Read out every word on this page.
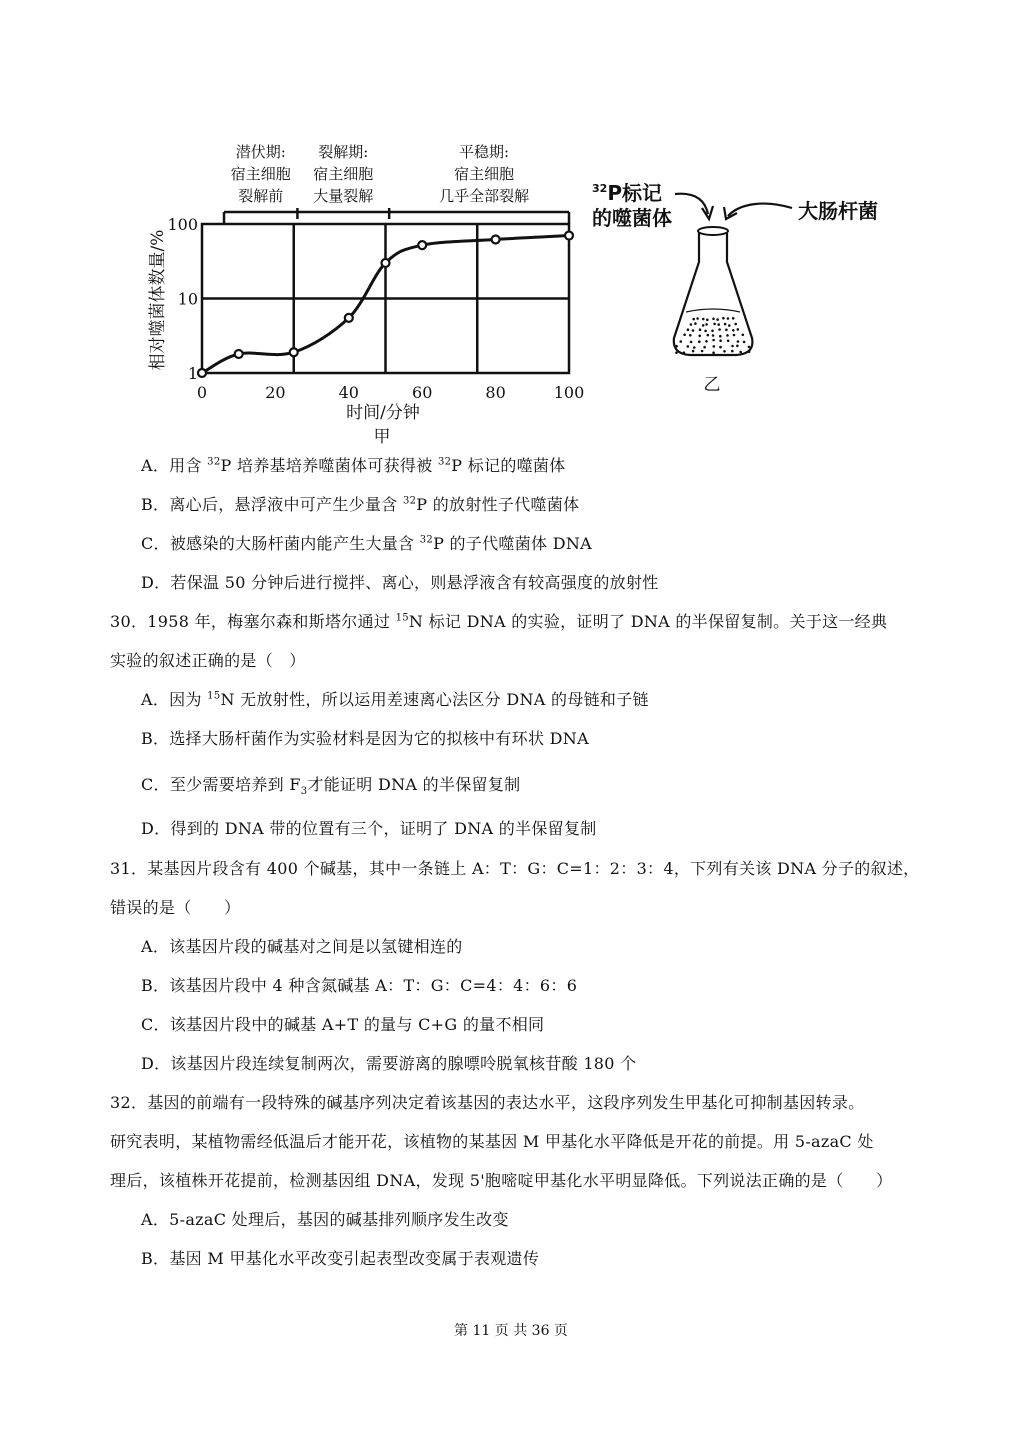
潜伏期:
宿主细胞
裂解前
裂解期:
宿主细胞
大量裂解
平稳期:
宿主细胞
几乎全部裂解
0	20	40	60	80	100
1
10
100
时间/分钟
甲
相对噬菌体数量/%
$^{32}$P标记
的噬菌体	大肠杆菌
乙
A．用含 $^{32}$P 培养基培养噬菌体可获得被 $^{32}$P 标记的噬菌体
B．离心后，悬浮液中可产生少量含 $^{32}$P 的放射性子代噬菌体
C．被感染的大肠杆菌内能产生大量含 $^{32}$P 的子代噬菌体 DNA
D．若保温 50 分钟后进行搅拌、离心，则悬浮液含有较高强度的放射性
30．1958 年，梅塞尔森和斯塔尔通过 $^{15}$N 标记 DNA 的实验，证明了 DNA 的半保留复制。关于这一经典
实验的叙述正确的是（　）
A．因为 $^{15}$N 无放射性，所以运用差速离心法区分 DNA 的母链和子链
B．选择大肠杆菌作为实验材料是因为它的拟核中有环状 DNA
C．至少需要培养到 $F_3$才能证明 DNA 的半保留复制
D．得到的 DNA 带的位置有三个，证明了 DNA 的半保留复制
31．某基因片段含有 400 个碱基，其中一条链上 A：T：G：C=1：2：3：4，下列有关该 DNA 分子的叙述，
错误的是（　　）
A．该基因片段的碱基对之间是以氢键相连的
B．该基因片段中 4 种含氮碱基 A：T：G：C=4：4：6：6
C．该基因片段中的碱基 A+T 的量与 C+G 的量不相同
D．该基因片段连续复制两次，需要游离的腺嘌呤脱氧核苷酸 180 个
32．基因的前端有一段特殊的碱基序列决定着该基因的表达水平，这段序列发生甲基化可抑制基因转录。
研究表明，某植物需经低温后才能开花，该植物的某基因 M 甲基化水平降低是开花的前提。用 5-azaC 处
理后，该植株开花提前，检测基因组 DNA，发现 5'胞嘧啶甲基化水平明显降低。下列说法正确的是（　　）
A．5-azaC 处理后，基因的碱基排列顺序发生改变
B．基因 M 甲基化水平改变引起表型改变属于表观遗传
第 11 页 共 36 页
